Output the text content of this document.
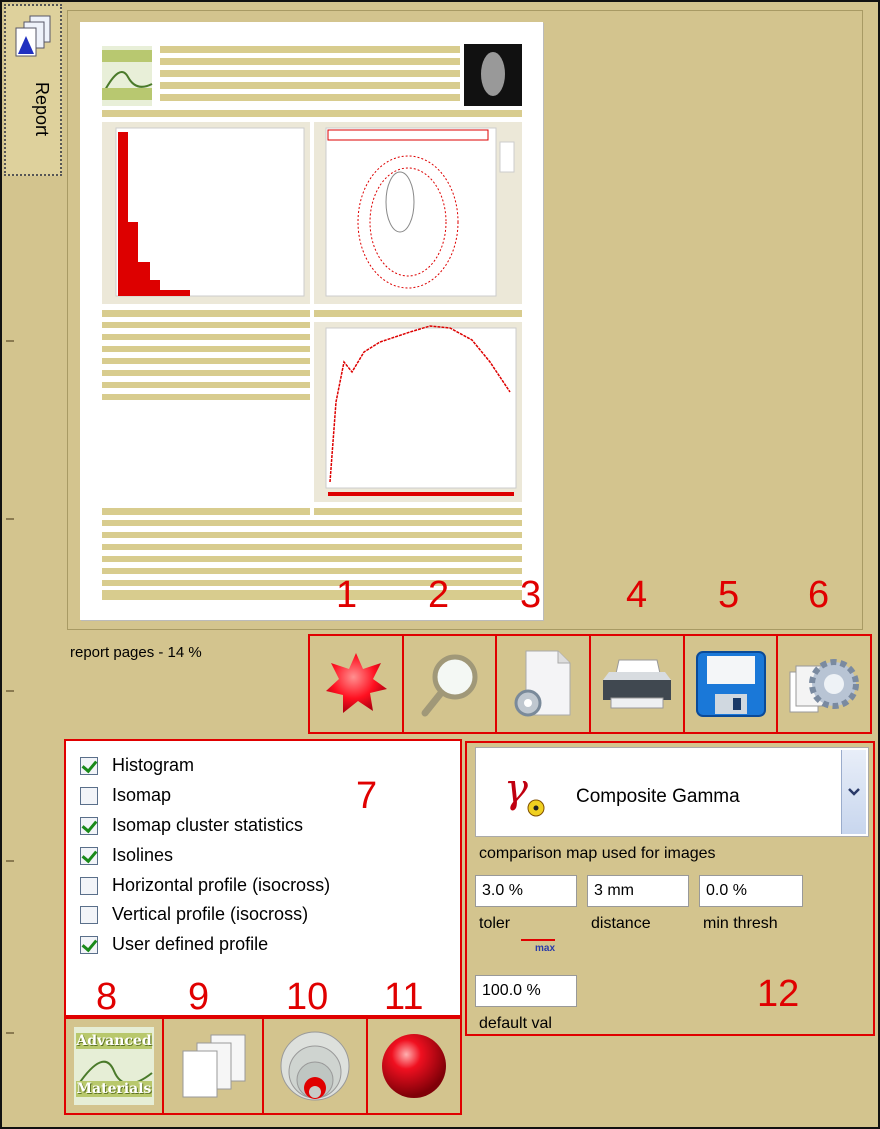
Report
report pages - 14 %
1 2 3 4 5 6
7
Histogram
Isomap
Isomap cluster statistics
Isolines
Horizontal profile (isocross)
Vertical profile (isocross)
User defined profile
8 9 10 11
Advanced
Materials
γ	Composite Gamma
comparison map used for images
3.0 %	3 mm	0.0 %
toler
max
distance	min thresh
100.0 %
default val
12
